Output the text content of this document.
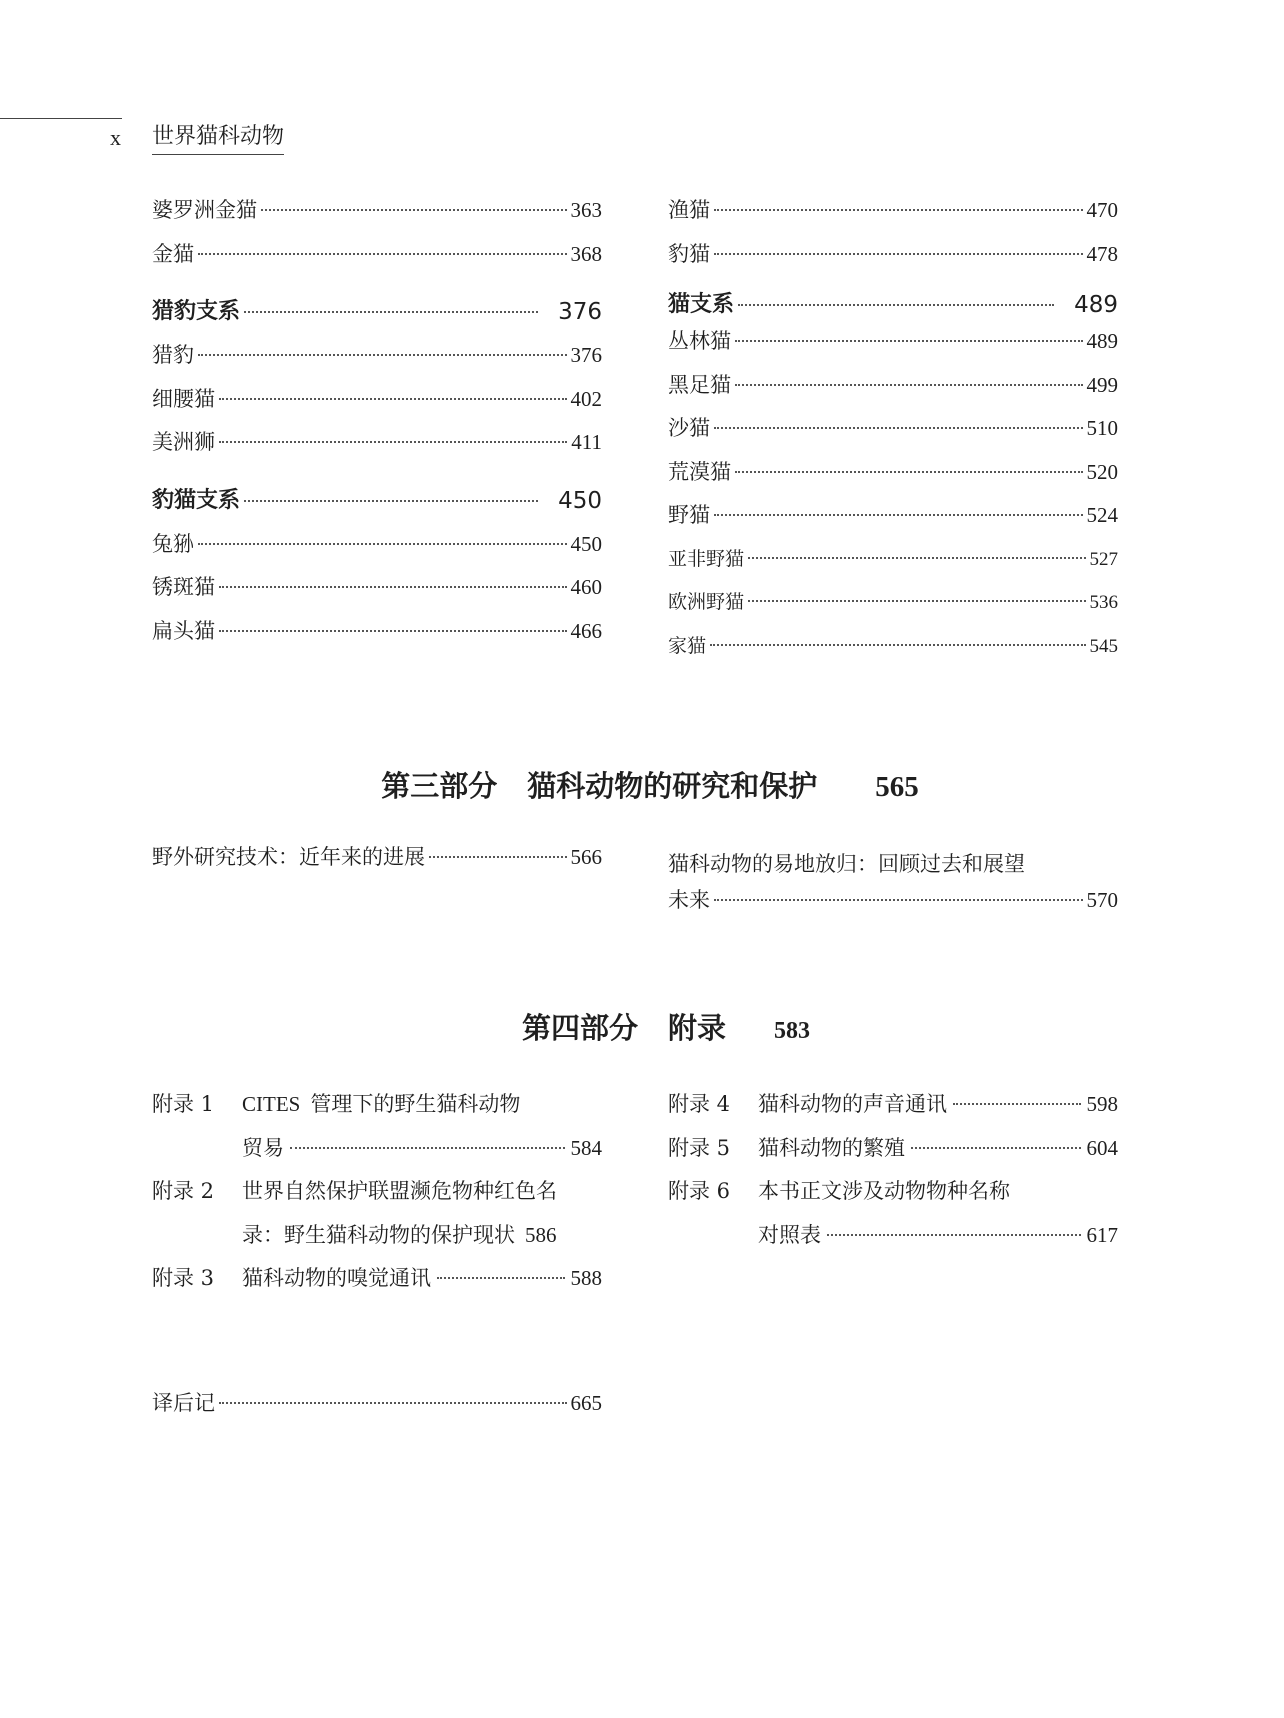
x 世界猫科动物
婆罗洲金猫	363
金猫	368
猎豹支系	376
猎豹	376
细腰猫	402
美洲狮	411
豹猫支系	450
兔狲	450
锈斑猫	460
扁头猫	466
渔猫	470
豹猫	478
猫支系	489
丛林猫	489
黑足猫	499
沙猫	510
荒漠猫	520
野猫	524
亚非野猫	527
欧洲野猫	536
家猫	545
第三部分 猫科动物的研究和保护 565
野外研究技术：近年来的进展	566	猫科动物的易地放归：回顾过去和展望
未来	570
第四部分 附录 583
附录 1	CITES 管理下的野生猫科动物
贸易	584
附录 2	世界自然保护联盟濒危物种红色名
录：野生猫科动物的保护现状 586
附录 3	猫科动物的嗅觉通讯	588
附录 4	猫科动物的声音通讯	598
附录 5	猫科动物的繁殖	604
附录 6	本书正文涉及动物物种名称
对照表	617
译后记	665
